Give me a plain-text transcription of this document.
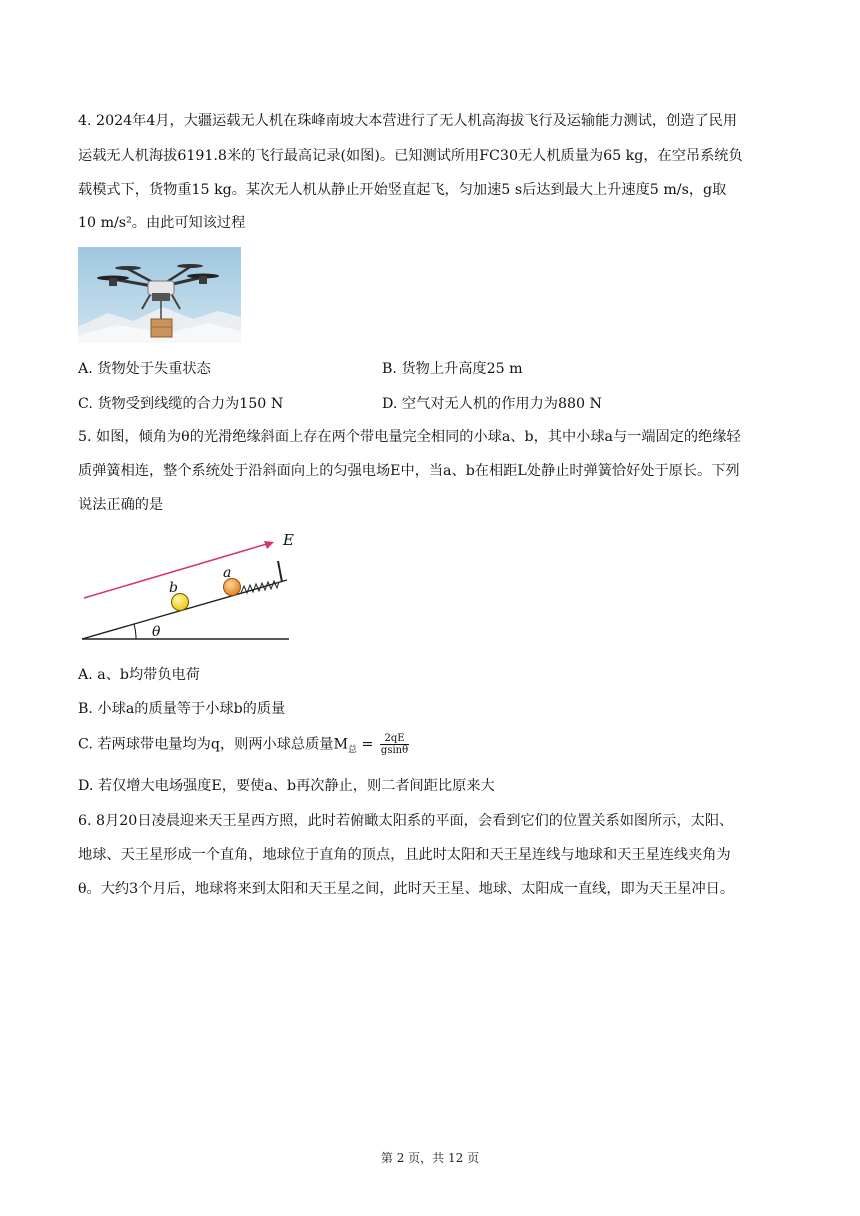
4. 2024年4月，大疆运载无人机在珠峰南坡大本营进行了无人机高海拔飞行及运输能力测试，创造了民用
运载无人机海拔6191.8米的飞行最高记录(如图)。已知测试所用FC30无人机质量为65 kg，在空吊系统负
载模式下，货物重15 kg。某次无人机从静止开始竖直起飞，匀加速5 s后达到最大上升速度5 m/s，g取
10 m/s²。由此可知该过程
A. 货物处于失重状态	B. 货物上升高度25 m
C. 货物受到线缆的合力为150 N	D. 空气对无人机的作用力为880 N
5. 如图，倾角为θ的光滑绝缘斜面上存在两个带电量完全相同的小球a、b，其中小球a与一端固定的绝缘轻
质弹簧相连，整个系统处于沿斜面向上的匀强电场E中，当a、b在相距L处静止时弹簧恰好处于原长。下列
说法正确的是
E
θ
a
b
A. a、b均带负电荷
B. 小球a的质量等于小球b的质量
C. 若两球带电量均为q，则两小球总质量$M_总 = \frac{2qE}{gsin\theta}$
D. 若仅增大电场强度E，要使a、b再次静止，则二者间距比原来大
6. 8月20日凌晨迎来天王星西方照，此时若俯瞰太阳系的平面，会看到它们的位置关系如图所示，太阳、
地球、天王星形成一个直角，地球位于直角的顶点，且此时太阳和天王星连线与地球和天王星连线夹角为
θ。大约3个月后，地球将来到太阳和天王星之间，此时天王星、地球、太阳成一直线，即为天王星冲日。
第 2 页，共 12 页
